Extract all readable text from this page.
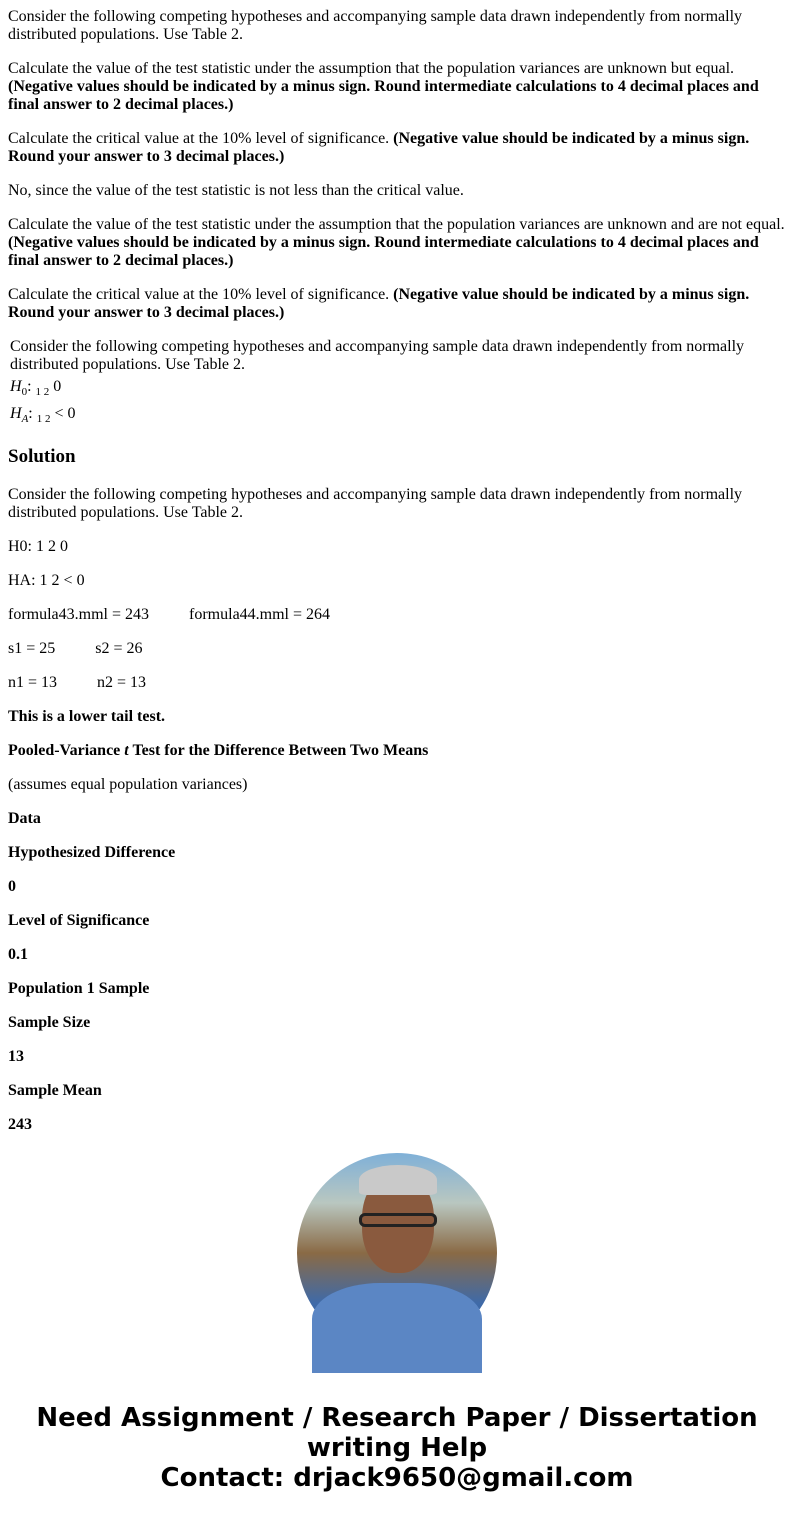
Consider the following competing hypotheses and accompanying sample data drawn independently from normally distributed populations. Use Table 2.

Calculate the value of the test statistic under the assumption that the population variances are unknown but equal.
(Negative values should be indicated by a minus sign. Round intermediate calculations to 4 decimal places and final answer to 2 decimal places.)

Calculate the critical value at the 10% level of significance. (Negative value should be indicated by a minus sign. Round your answer to 3 decimal places.)

No, since the value of the test statistic is not less than the critical value.

Calculate the value of the test statistic under the assumption that the population variances are unknown and are not equal.
(Negative values should be indicated by a minus sign. Round intermediate calculations to 4 decimal places and final answer to 2 decimal places.)

Calculate the critical value at the 10% level of significance. (Negative value should be indicated by a minus sign. Round your answer to 3 decimal places.)

Consider the following competing hypotheses and accompanying sample data drawn independently from normally distributed populations. Use Table 2.
$H_0$: $_{1 2}$ 0
$H_A$: $_{1 2}$ < 0
Solution

Consider the following competing hypotheses and accompanying sample data drawn independently from normally distributed populations. Use Table 2.

H0: 1 2 0

HA: 1 2 < 0

formula43.mml = 243	formula44.mml = 264

s1 = 25	s2 = 26

n1 = 13	n2 = 13

This is a lower tail test.

Pooled-Variance t Test for the Difference Between Two Means

(assumes equal population variances)

Data

Hypothesized Difference

0

Level of Significance

0.1

Population 1 Sample

Sample Size

13

Sample Mean

243

Need Assignment / Research Paper / Dissertation writing Help
Contact: drjack9650@gmail.com
